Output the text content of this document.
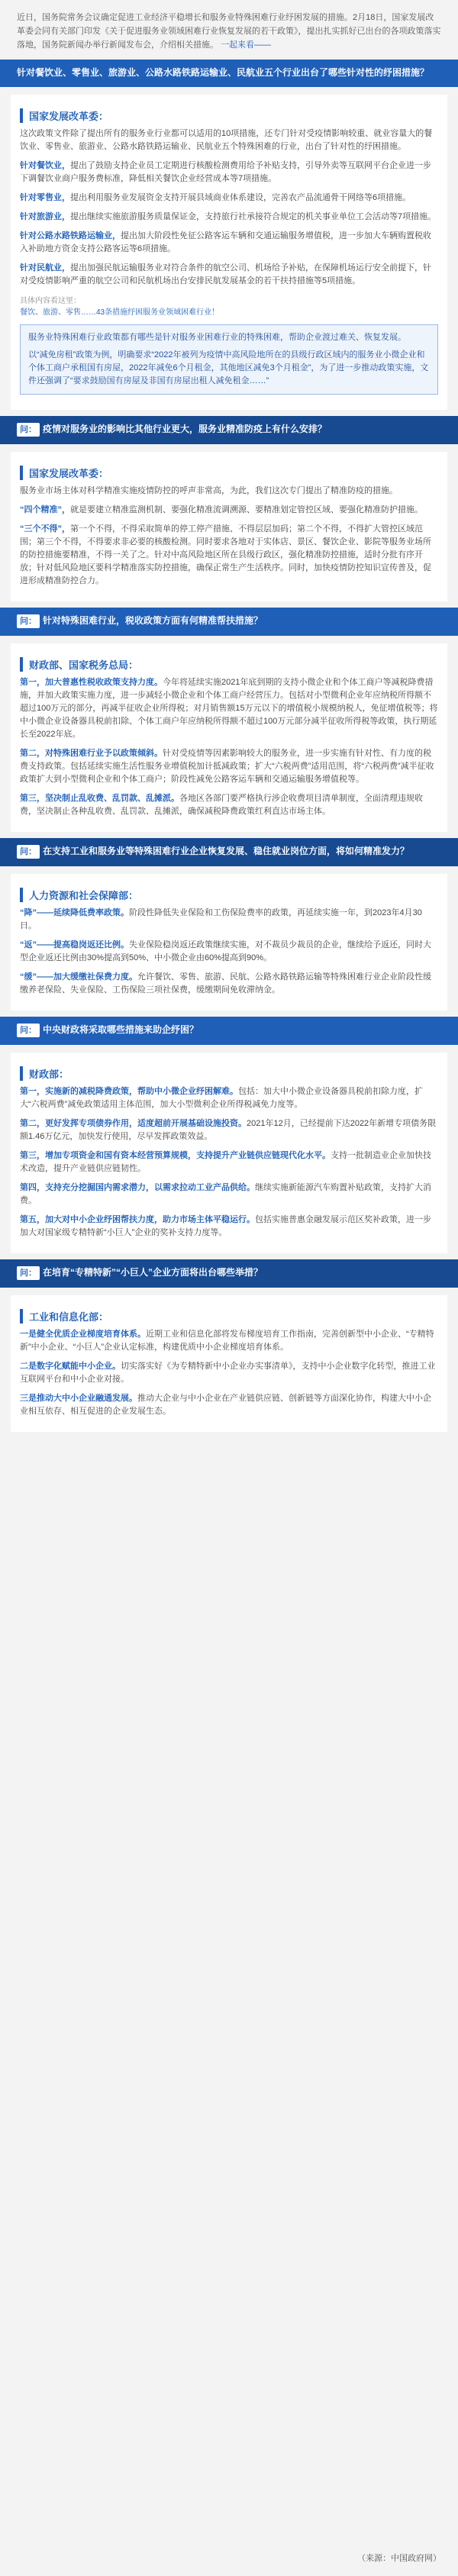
近日，国务院常务会议确定促进工业经济平稳增长和服务业特殊困难行业纾困发展的措施。2月18日，国家发展改革委会同有关部门印发《关于促进服务业领域困难行业恢复发展的若干政策》，提出扎实抓好已出台的各项政策落实落地，国务院新闻办举行新闻发布会，介绍相关措施。 一起来看——
针对餐饮业、零售业、旅游业、公路水路铁路运输业、民航业五个行业出台了哪些针对性的纾困措施？
国家发展改革委：
这次政策文件除了提出所有的服务业行业都可以适用的10项措施，还专门针对受疫情影响较重、就业容量大的餐饮业、零售业、旅游业、公路水路铁路运输业、民航业五个特殊困难的行业，出台了针对性的纾困措施。
针对餐饮业，提出了鼓励支持企业员工定期进行核酸检测费用给予补贴支持，引导外卖等互联网平台企业进一步下调餐饮业商户服务费标准，降低相关餐饮企业经营成本等7项措施。
针对零售业，提出利用服务业发展资金支持开展县域商业体系建设，完善农产品流通骨干网络等6项措施。
针对旅游业，提出继续实施旅游服务质量保证金，支持旅行社承接符合规定的机关事业单位工会活动等7项措施。
针对公路水路铁路运输业，提出加大阶段性免征公路客运车辆和交通运输服务增值税，进一步加大车辆购置税收入补助地方资金支持公路客运等6项措施。
针对民航业，提出加强民航运输服务业对符合条件的航空公司、机场给予补贴，在保障机场运行安全前提下，针对受疫情影响严重的航空公司和民航机场出台安排民航发展基金的若干扶持措施等5项措施。
具体内容看这里：
餐饮、旅游、零售……43条措施纾困服务业领域困难行业！
服务业特殊困难行业政策都有哪些是针对服务业困难行业的特殊困难，帮助企业渡过难关、恢复发展。
以“减免房租”政策为例，明确要求“2022年被列为疫情中高风险地所在的县级行政区域内的服务业小微企业和个体工商户承租国有房屋，2022年减免6个月租金，其他地区减免3个月租金”，为了进一步推动政策实施，文件还强调了“要求鼓励国有房屋及非国有房屋出租人减免租金……”
问： 疫情对服务业的影响比其他行业更大，服务业精准防疫上有什么安排？
国家发展改革委：
服务业市场主体对科学精准实施疫情防控的呼声非常高，为此，我们这次专门提出了精准防疫的措施。
“四个精准”，就是要建立精准监测机制、要强化精准流调溯源、要精准划定管控区域、要强化精准防护措施。
“三个不得”，第一个不得，不得采取简单的停工停产措施、不得层层加码；第二个不得，不得扩大管控区域范围；第三个不得，不得要求非必要的核酸检测。同时要求各地对于实体店、景区、餐饮企业、影院等服务业场所的防控措施要精准，不得一关了之。针对中高风险地区所在县级行政区，强化精准防控措施，适时分批有序开放；针对低风险地区要科学精准落实防控措施，确保正常生产生活秩序。同时，加快疫情防控知识宣传普及，促进形成精准防控合力。
问： 针对特殊困难行业，税收政策方面有何精准帮扶措施？
财政部、国家税务总局：
第一，加大普惠性税收政策支持力度。今年将延续实施2021年底到期的支持小微企业和个体工商户等减税降费措施，并加大政策实施力度，进一步减轻小微企业和个体工商户经营压力。包括对小型微利企业年应纳税所得额不超过100万元的部分，再减半征收企业所得税；对月销售额15万元以下的增值税小规模纳税人，免征增值税等；将中小微企业设备器具税前扣除、个体工商户年应纳税所得额不超过100万元部分减半征收所得税等政策，执行期延长至2022年底。
第二，对特殊困难行业予以政策倾斜。针对受疫情等因素影响较大的服务业，进一步实施有针对性、有力度的税费支持政策。包括延续实施生活性服务业增值税加计抵减政策；扩大“六税两费”适用范围，将“六税两费”减半征收政策扩大到小型微利企业和个体工商户；阶段性减免公路客运车辆和交通运输服务增值税等。
第三，坚决制止乱收费、乱罚款、乱摊派。各地区各部门要严格执行涉企收费项目清单制度，全面清理违规收费，坚决制止各种乱收费、乱罚款、乱摊派，确保减税降费政策红利直达市场主体。
问： 在支持工业和服务业等特殊困难行业企业恢复发展、稳住就业岗位方面，将如何精准发力？
人力资源和社会保障部：
“降”——延续降低费率政策。阶段性降低失业保险和工伤保险费率的政策，再延续实施一年，到2023年4月30日。
“返”——提高稳岗返还比例。失业保险稳岗返还政策继续实施，对不裁员少裁员的企业，继续给予返还，同时大型企业返还比例由30%提高到50%、中小微企业由60%提高到90%。
“缓”——加大缓缴社保费力度。允许餐饮、零售、旅游、民航、公路水路铁路运输等特殊困难行业企业阶段性缓缴养老保险、失业保险、工伤保险三项社保费，缓缴期间免收滞纳金。
问： 中央财政将采取哪些措施来助企纾困？
财政部：
第一，实施新的减税降费政策，帮助中小微企业纾困解难。包括：加大中小微企业设备器具税前扣除力度，扩大“六税两费”减免政策适用主体范围，加大小型微利企业所得税减免力度等。
第二，更好发挥专项债券作用，适度超前开展基础设施投资。2021年12月，已经提前下达2022年新增专项债务限额1.46万亿元，加快发行使用，尽早发挥政策效益。
第三，增加专项资金和国有资本经营预算规模，支持提升产业链供应链现代化水平。支持一批制造业企业加快技术改造，提升产业链供应链韧性。
第四，支持充分挖掘国内需求潜力，以需求拉动工业产品供给。继续实施新能源汽车购置补贴政策，支持扩大消费。
第五，加大对中小企业纾困帮扶力度，助力市场主体平稳运行。包括实施普惠金融发展示范区奖补政策，进一步加大对国家级专精特新“小巨人”企业的奖补支持力度等。
问： 在培育“专精特新”“小巨人”企业方面将出台哪些举措？
工业和信息化部：
一是健全优质企业梯度培育体系。近期工业和信息化部将发布梯度培育工作指南，完善创新型中小企业、“专精特新”中小企业、“小巨人”企业认定标准，构建优质中小企业梯度培育体系。
二是数字化赋能中小企业。切实落实好《为专精特新中小企业办实事清单》，支持中小企业数字化转型，推进工业互联网平台和中小企业对接。
三是推动大中小企业融通发展。推动大企业与中小企业在产业链供应链、创新链等方面深化协作，构建大中小企业相互依存、相互促进的企业发展生态。
（来源：中国政府网）
